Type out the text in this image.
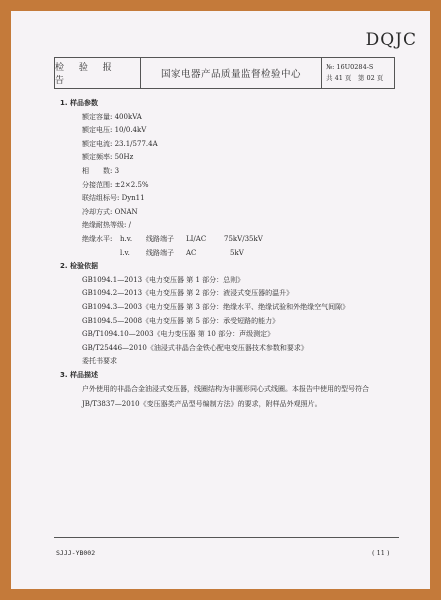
DQJC
检 验 报 告
国家电器产品质量监督检验中心
№: 16U0284-S
共 41 页　第 02 页
1. 样品参数
额定容量: 400kVA
额定电压: 10/0.4kV
额定电流: 23.1/577.4A
额定频率: 50Hz
相　　数: 3
分接范围: ±2×2.5%
联结组标号: Dyn11
冷却方式: ONAN
绝缘耐热等级: /
绝缘水平:	h.v.	线路端子	LI/AC	75kV/35kV
l.v.	线路端子	AC	5kV
2. 检验依据
GB1094.1—2013《电力变压器 第 1 部分：总则》
GB1094.2—2013《电力变压器 第 2 部分：液浸式变压器的温升》
GB1094.3—2003《电力变压器 第 3 部分：绝缘水平、绝缘试验和外绝缘空气间隙》
GB1094.5—2008《电力变压器 第 5 部分：承受短路的能力》
GB/T1094.10—2003《电力变压器 第 10 部分：声级测定》
GB/T25446—2010《油浸式非晶合金铁心配电变压器技术参数和要求》
委托书要求
3. 样品描述
户外使用的非晶合金油浸式变压器，线圈结构为非圆形同心式线圈。本报告中使用的型号符合 JB/T3837—2010《变压器类产品型号编制方法》的要求，附样品外观照片。
SJJJ-YB002	( 11 )
